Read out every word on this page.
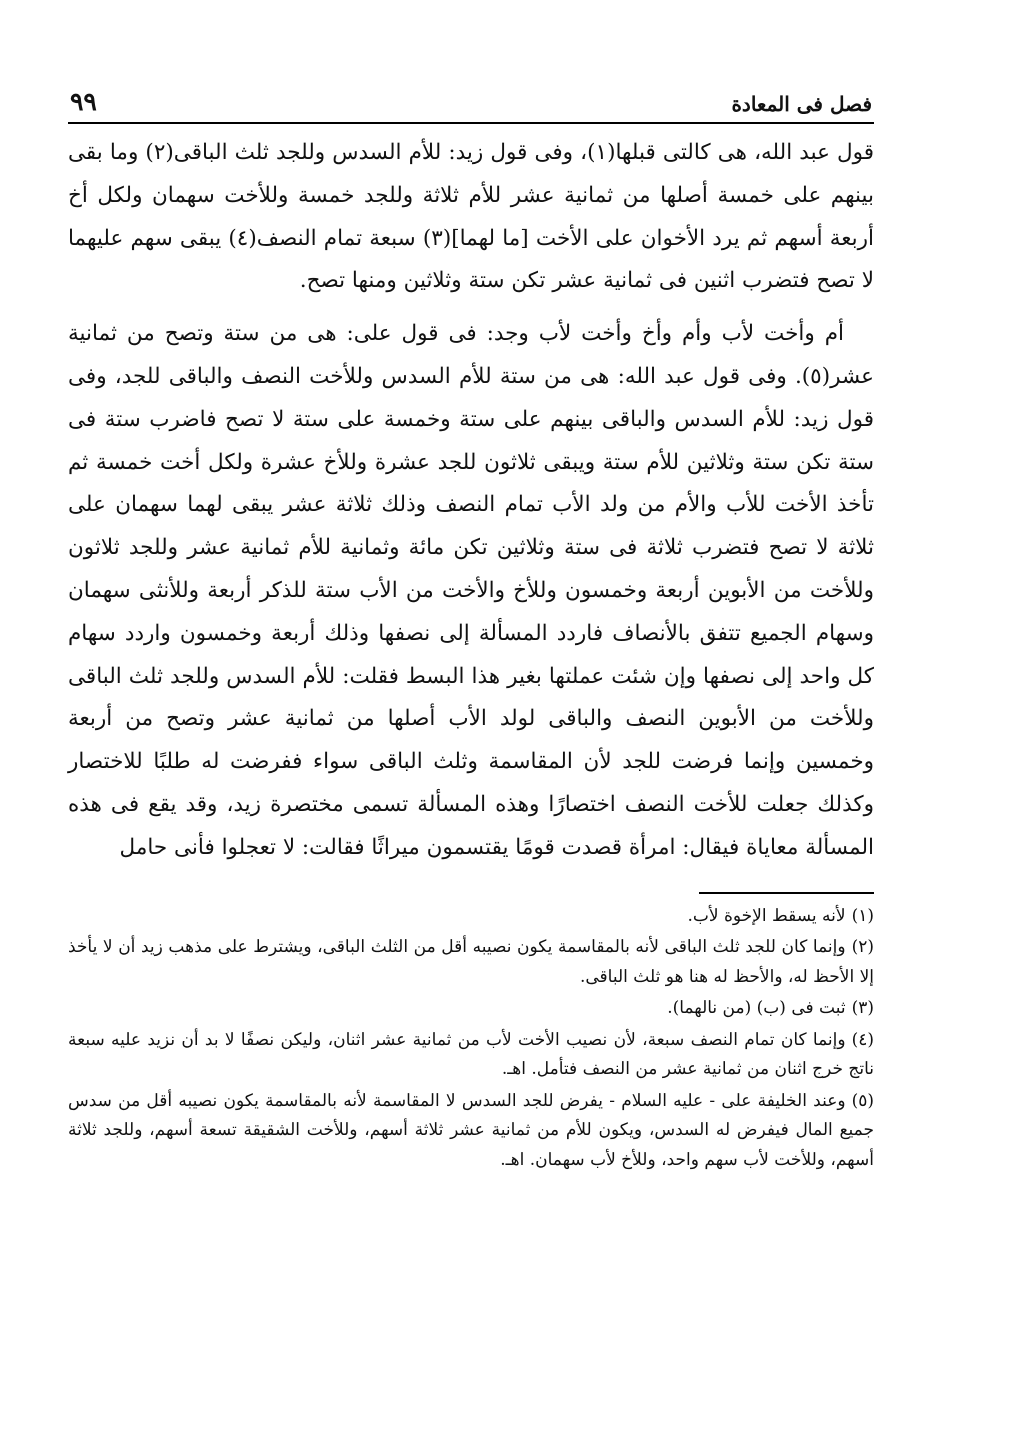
فصل فى المعادة
٩٩

قول عبد الله، هى كالتى قبلها(١)، وفى قول زيد: للأم السدس وللجد ثلث الباقى(٢) وما بقى بينهم على خمسة أصلها من ثمانية عشر للأم ثلاثة وللجد خمسة وللأخت سهمان ولكل أخ أربعة أسهم ثم يرد الأخوان على الأخت [ما لهما](٣) سبعة تمام النصف(٤) يبقى سهم عليهما لا تصح فتضرب اثنين فى ثمانية عشر تكن ستة وثلاثين ومنها تصح.

أم وأخت لأب وأم وأخ وأخت لأب وجد: فى قول على: هى من ستة وتصح من ثمانية عشر(٥). وفى قول عبد الله: هى من ستة للأم السدس وللأخت النصف والباقى للجد، وفى قول زيد: للأم السدس والباقى بينهم على ستة وخمسة على ستة لا تصح فاضرب ستة فى ستة تكن ستة وثلاثين للأم ستة ويبقى ثلاثون للجد عشرة وللأخ عشرة ولكل أخت خمسة ثم تأخذ الأخت للأب والأم من ولد الأب تمام النصف وذلك ثلاثة عشر يبقى لهما سهمان على ثلاثة لا تصح فتضرب ثلاثة فى ستة وثلاثين تكن مائة وثمانية للأم ثمانية عشر وللجد ثلاثون وللأخت من الأبوين أربعة وخمسون وللأخ والأخت من الأب ستة للذكر أربعة وللأنثى سهمان وسهام الجميع تتفق بالأنصاف فاردد المسألة إلى نصفها وذلك أربعة وخمسون واردد سهام كل واحد إلى نصفها وإن شئت عملتها بغير هذا البسط فقلت: للأم السدس وللجد ثلث الباقى وللأخت من الأبوين النصف والباقى لولد الأب أصلها من ثمانية عشر وتصح من أربعة وخمسين وإنما فرضت للجد لأن المقاسمة وثلث الباقى سواء ففرضت له طلبًا للاختصار وكذلك جعلت للأخت النصف اختصارًا وهذه المسألة تسمى مختصرة زيد، وقد يقع فى هذه المسألة معاياة فيقال: امرأة قصدت قومًا يقتسمون ميراثًا فقالت: لا تعجلوا فأنى حامل

(١)لأنه يسقط الإخوة لأب.

(٢)وإنما كان للجد ثلث الباقى لأنه بالمقاسمة يكون نصيبه أقل من الثلث الباقى، ويشترط على مذهب زيد أن لا يأخذ إلا الأحظ له، والأحظ له هنا هو ثلث الباقى.

(٣)ثبت فى (ب) (من نالهما).

(٤)وإنما كان تمام النصف سبعة، لأن نصيب الأخت لأب من ثمانية عشر اثنان، وليكن نصفًا لا بد أن نزيد عليه سبعة ناتج خرج اثنان من ثمانية عشر من النصف فتأمل. اهـ.

(٥)وعند الخليفة على - عليه السلام - يفرض للجد السدس لا المقاسمة لأنه بالمقاسمة يكون نصيبه أقل من سدس جميع المال فيفرض له السدس، ويكون للأم من ثمانية عشر ثلاثة أسهم، وللأخت الشقيقة تسعة أسهم، وللجد ثلاثة أسهم، وللأخت لأب سهم واحد، وللأخ لأب سهمان. اهـ.
